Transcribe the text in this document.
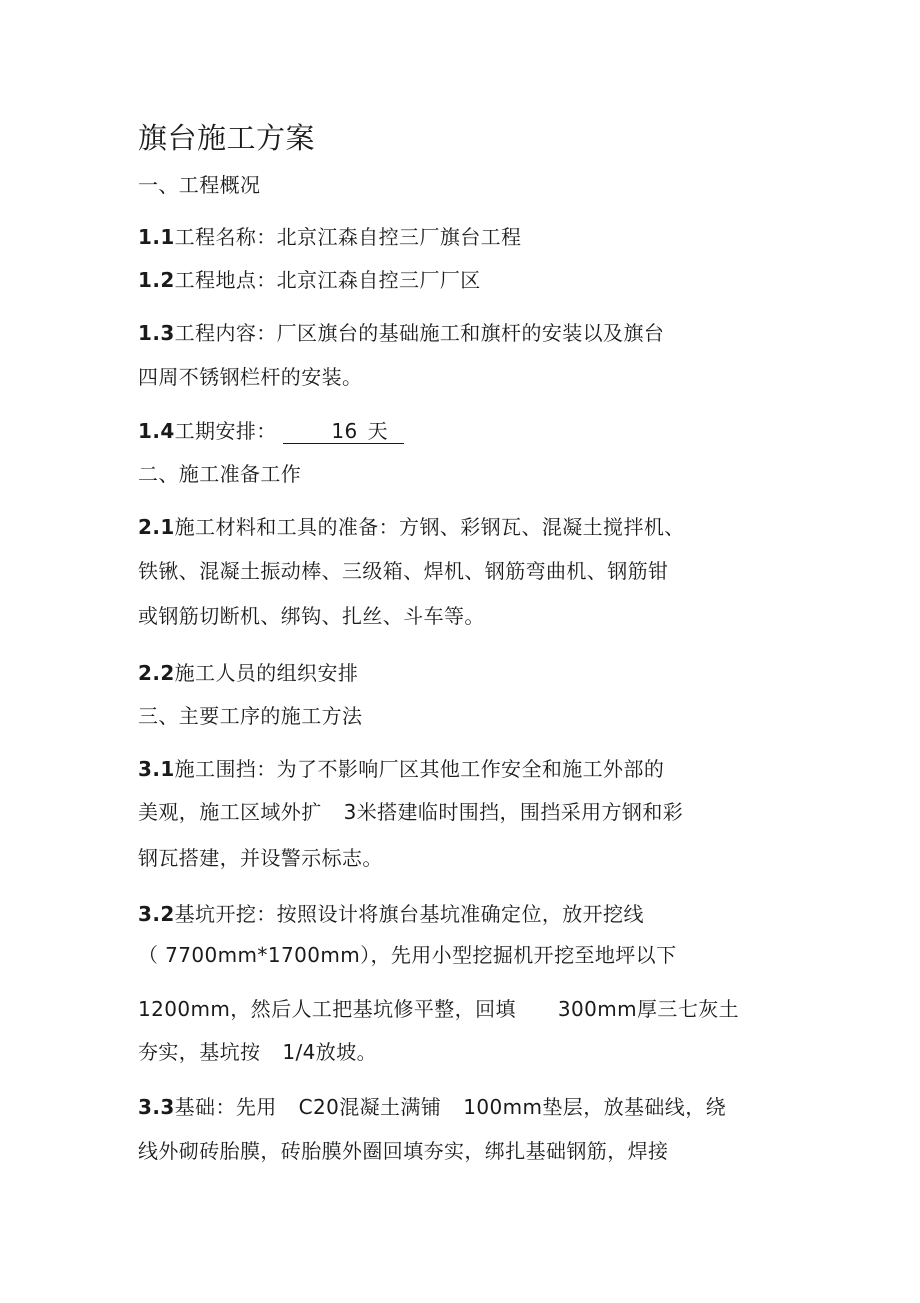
旗台施工方案
一、工程概况
1.1工程名称：北京江森自控三厂旗台工程
1.2工程地点：北京江森自控三厂厂区
1.3工程内容：厂区旗台的基础施工和旗杆的安装以及旗台
四周不锈钢栏杆的安装。
1.4工期安排：	16 天
二、施工准备工作
2.1施工材料和工具的准备：方钢、彩钢瓦、混凝土搅拌机、
铁锹、混凝土振动棒、三级箱、焊机、钢筋弯曲机、钢筋钳
或钢筋切断机、绑钩、扎丝、斗车等。
2.2施工人员的组织安排
三、主要工序的施工方法
3.1施工围挡：为了不影响厂区其他工作安全和施工外部的
美观，施工区域外扩 3米搭建临时围挡，围挡采用方钢和彩
钢瓦搭建，并设警示标志。
3.2基坑开挖：按照设计将旗台基坑准确定位，放开挖线
（ 7700mm*1700mm），先用小型挖掘机开挖至地坪以下
1200mm，然后人工把基坑修平整，回填 300mm厚三七灰土
夯实，基坑按 1/4放坡。
3.3基础：先用 C20混凝土满铺 100mm垫层，放基础线，绕
线外砌砖胎膜，砖胎膜外圈回填夯实，绑扎基础钢筋，焊接
